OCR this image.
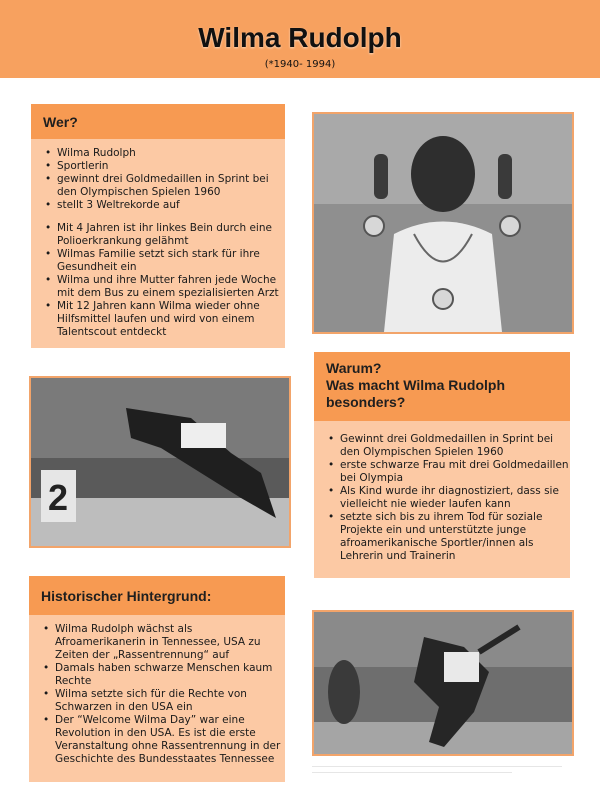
Wilma Rudolph
(*1940- 1994)
Wer?
• Wilma Rudolph
• Sportlerin
• gewinnt drei Goldmedaillen in Sprint bei den Olympischen Spielen 1960
• stellt 3 Weltrekorde auf
• Mit 4 Jahren ist ihr linkes Bein durch eine Polioerkrankung gelähmt
• Wilmas Familie setzt sich stark für ihre Gesundheit ein
• Wilma und ihre Mutter fahren jede Woche mit dem Bus zu einem spezialisierten Arzt
• Mit 12 Jahren kann Wilma wieder ohne Hilfsmittel laufen und wird von einem Talentscout entdeckt
2
Warum?
Was macht Wilma Rudolph besonders?
• Gewinnt drei Goldmedaillen in Sprint bei den Olympischen Spielen 1960
• erste schwarze Frau mit drei Goldmedaillen bei Olympia
• Als Kind wurde ihr diagnostiziert, dass sie vielleicht nie wieder laufen kann
• setzte sich bis zu ihrem Tod für soziale Projekte ein und unterstützte junge afroamerikanische Sportler/innen als Lehrerin und Trainerin
Historischer Hintergrund:
• Wilma Rudolph wächst als Afroamerikanerin in Tennessee, USA zu Zeiten der „Rassentrennung“ auf
• Damals haben schwarze Menschen kaum Rechte
• Wilma setzte sich für die Rechte von Schwarzen in den USA ein
• Der “Welcome Wilma Day” war eine Revolution in den USA. Es ist die erste Veranstaltung ohne Rassentrennung in der Geschichte des Bundesstaates Tennessee
